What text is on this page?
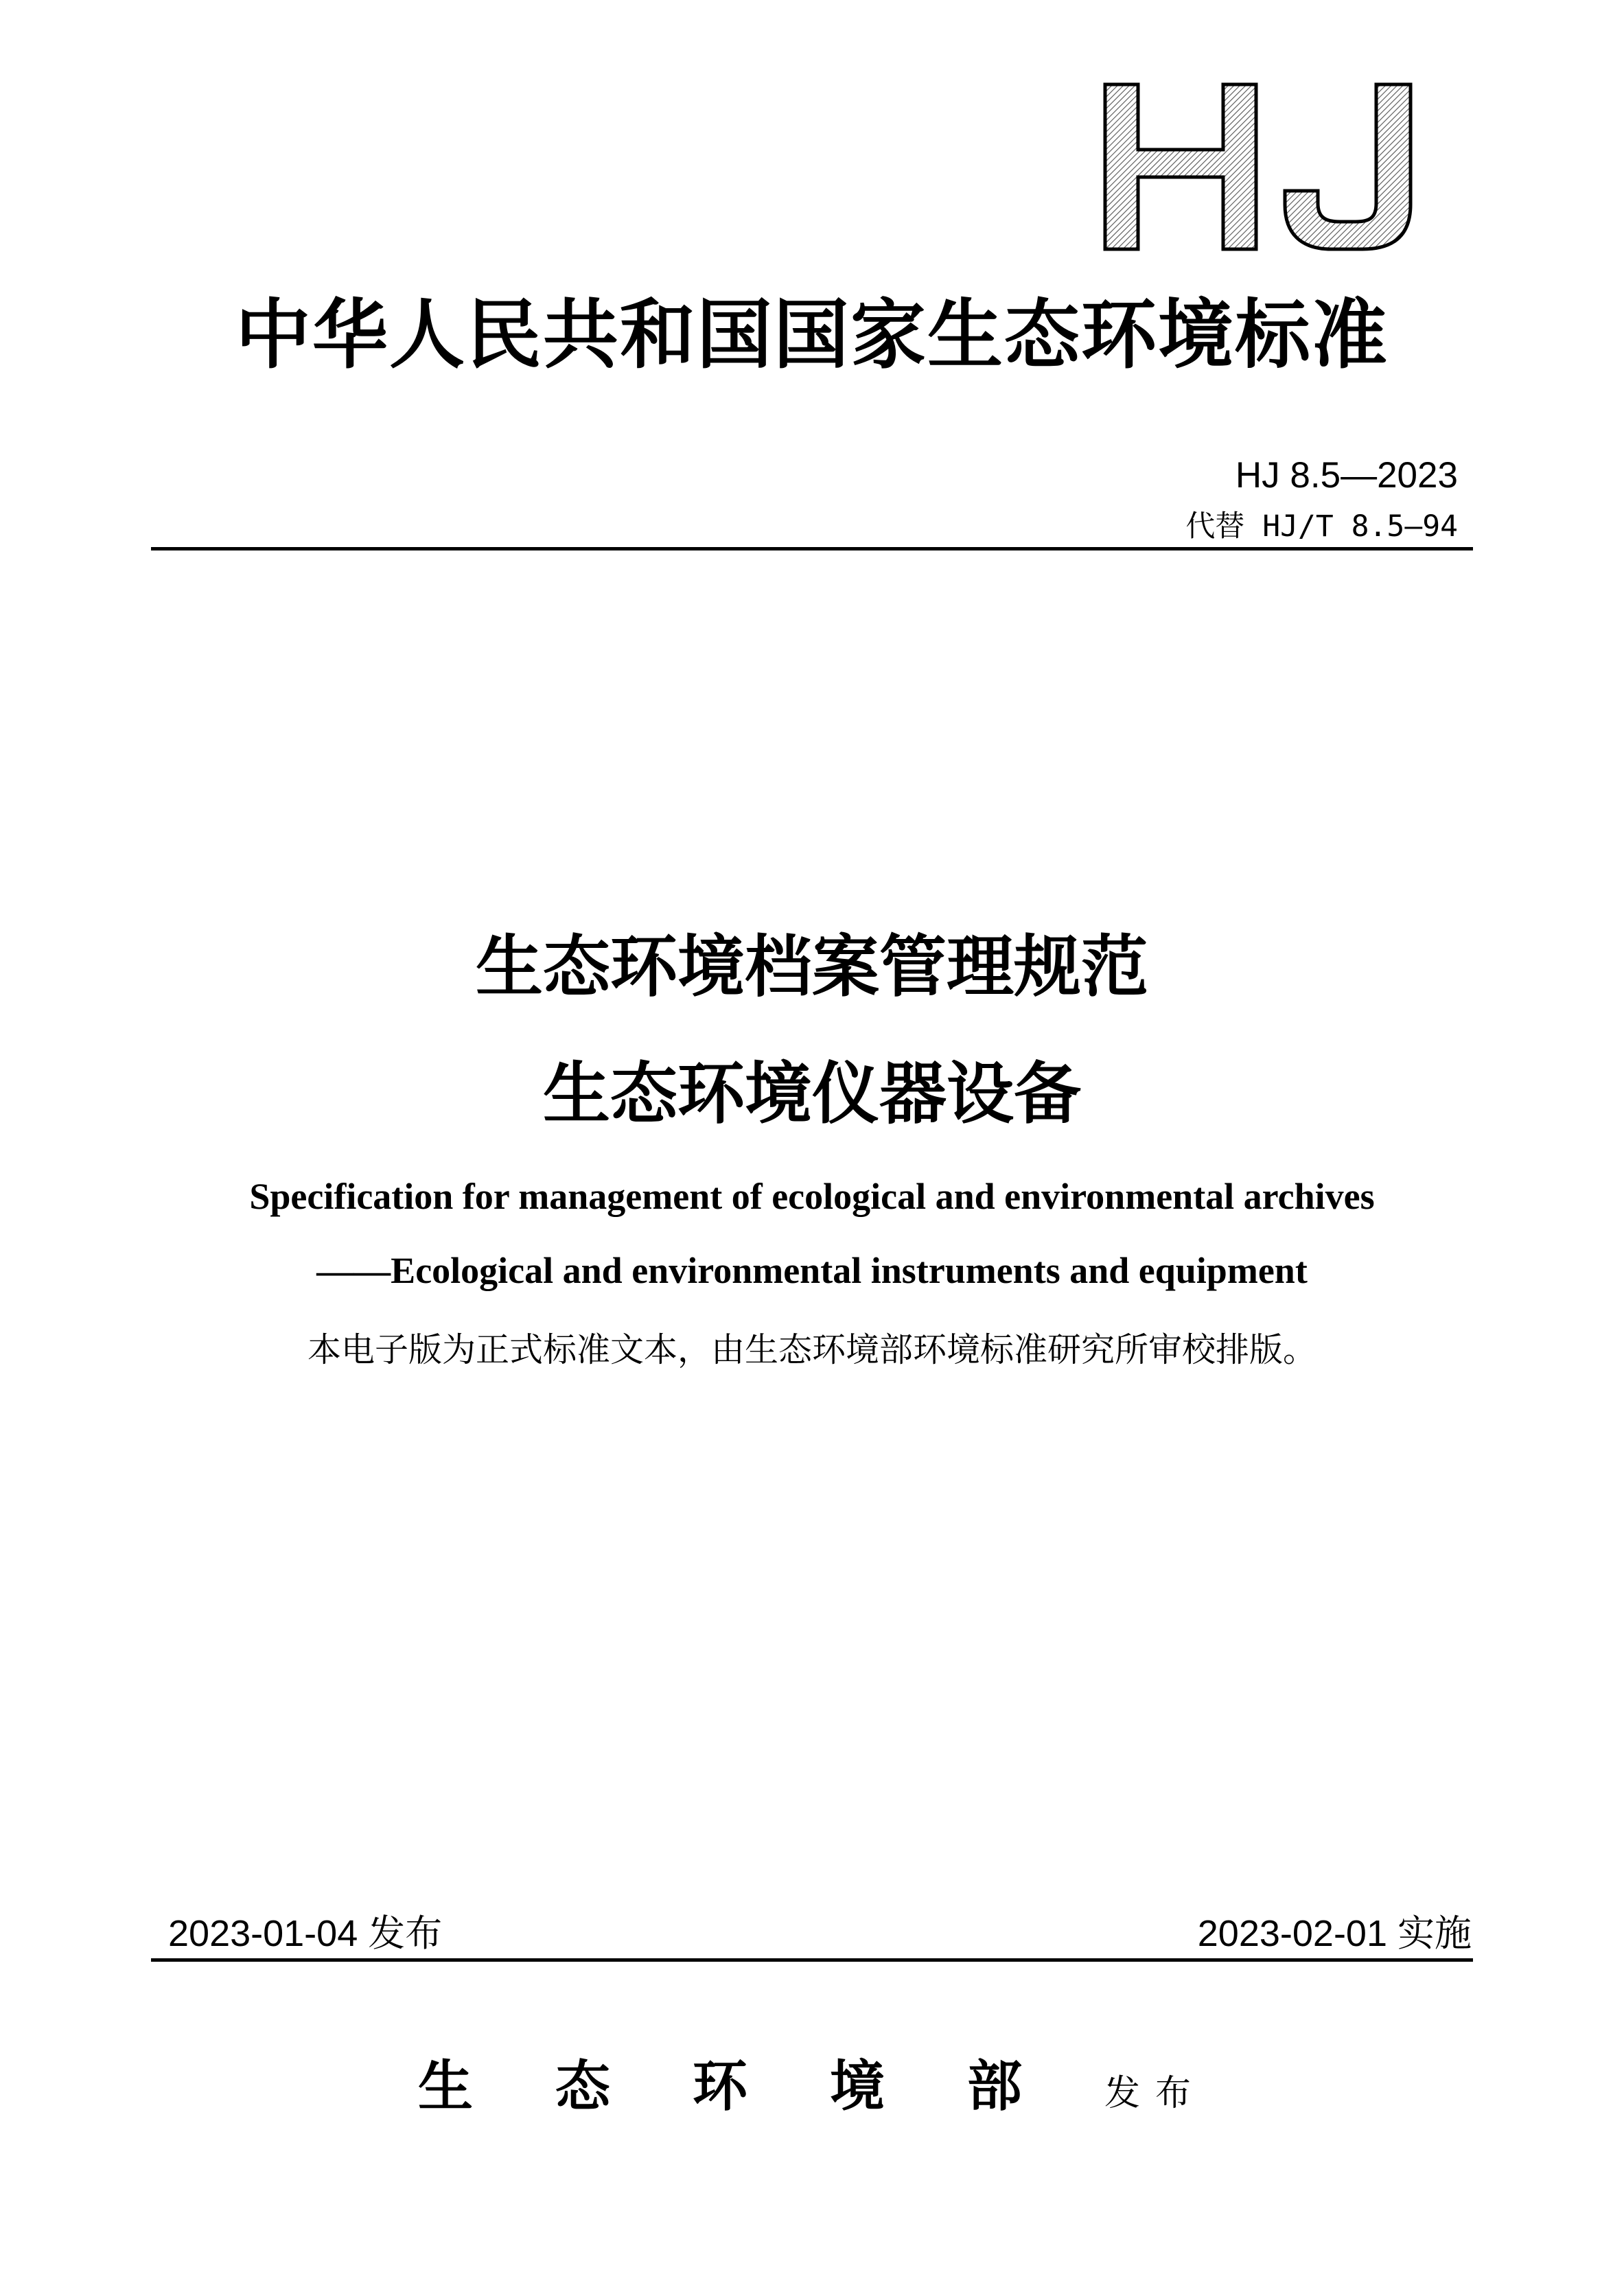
中华人民共和国国家生态环境标准
HJ 8.5—2023
代替 HJ/T 8.5—94
生态环境档案管理规范
生态环境仪器设备
Specification for management of ecological and environmental archives
——Ecological and environmental instruments and equipment
本电子版为正式标准文本，由生态环境部环境标准研究所审校排版。
2023-01-04 发布	2023-02-01 实施
生态环境部发布
